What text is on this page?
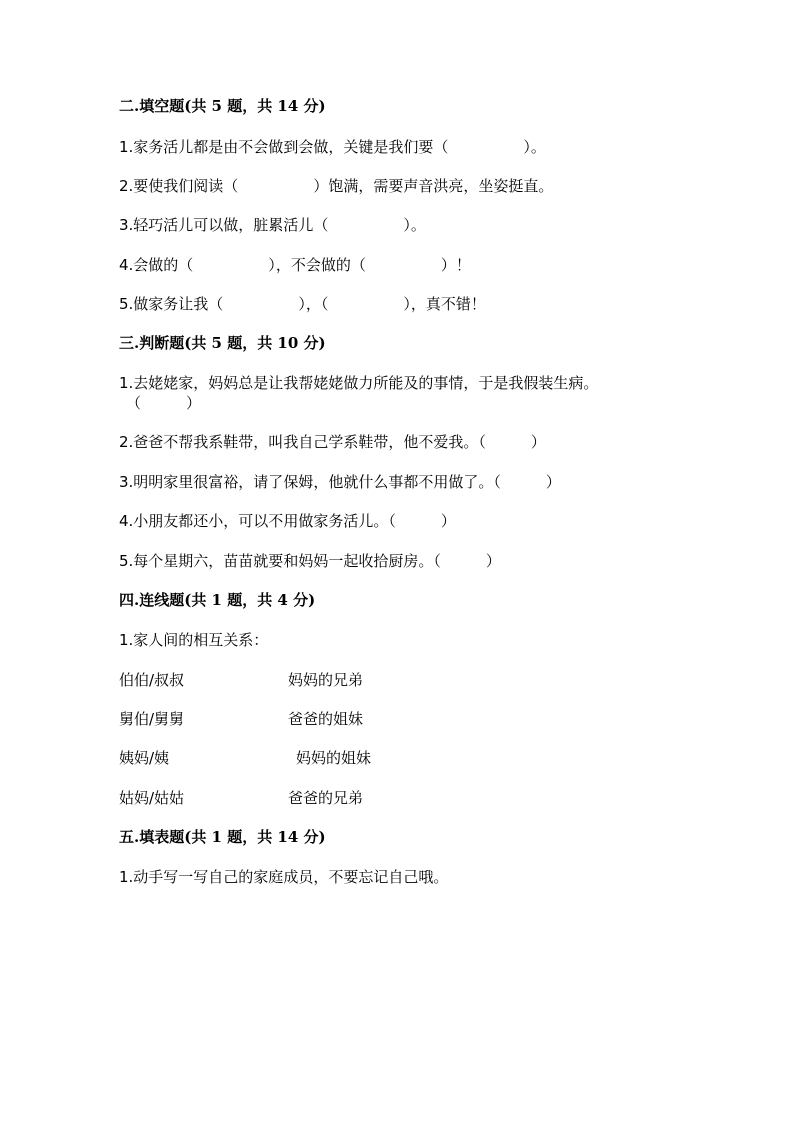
二.填空题(共 5 题，共 14 分)
1.家务活儿都是由不会做到会做，关键是我们要（　　　　　）。
2.要使我们阅读（　　　　　）饱满，需要声音洪亮，坐姿挺直。
3.轻巧活儿可以做，脏累活儿（　　　　　）。
4.会做的（　　　　　），不会做的（　　　　　）！
5.做家务让我（　　　　　），（　　　　　），真不错！
三.判断题(共 5 题，共 10 分)
1.去姥姥家，妈妈总是让我帮姥姥做力所能及的事情，于是我假装生病。
（　　　）
2.爸爸不帮我系鞋带，叫我自己学系鞋带，他不爱我。（　　　）
3.明明家里很富裕，请了保姆，他就什么事都不用做了。（　　　）
4.小朋友都还小，可以不用做家务活儿。（　　　）
5.每个星期六，苗苗就要和妈妈一起收拾厨房。（　　　）
四.连线题(共 1 题，共 4 分)
1.家人间的相互关系：
伯伯/叔叔	妈妈的兄弟
舅伯/舅舅	爸爸的姐妹
姨妈/姨	妈妈的姐妹
姑妈/姑姑	爸爸的兄弟
五.填表题(共 1 题，共 14 分)
1.动手写一写自己的家庭成员，不要忘记自己哦。
